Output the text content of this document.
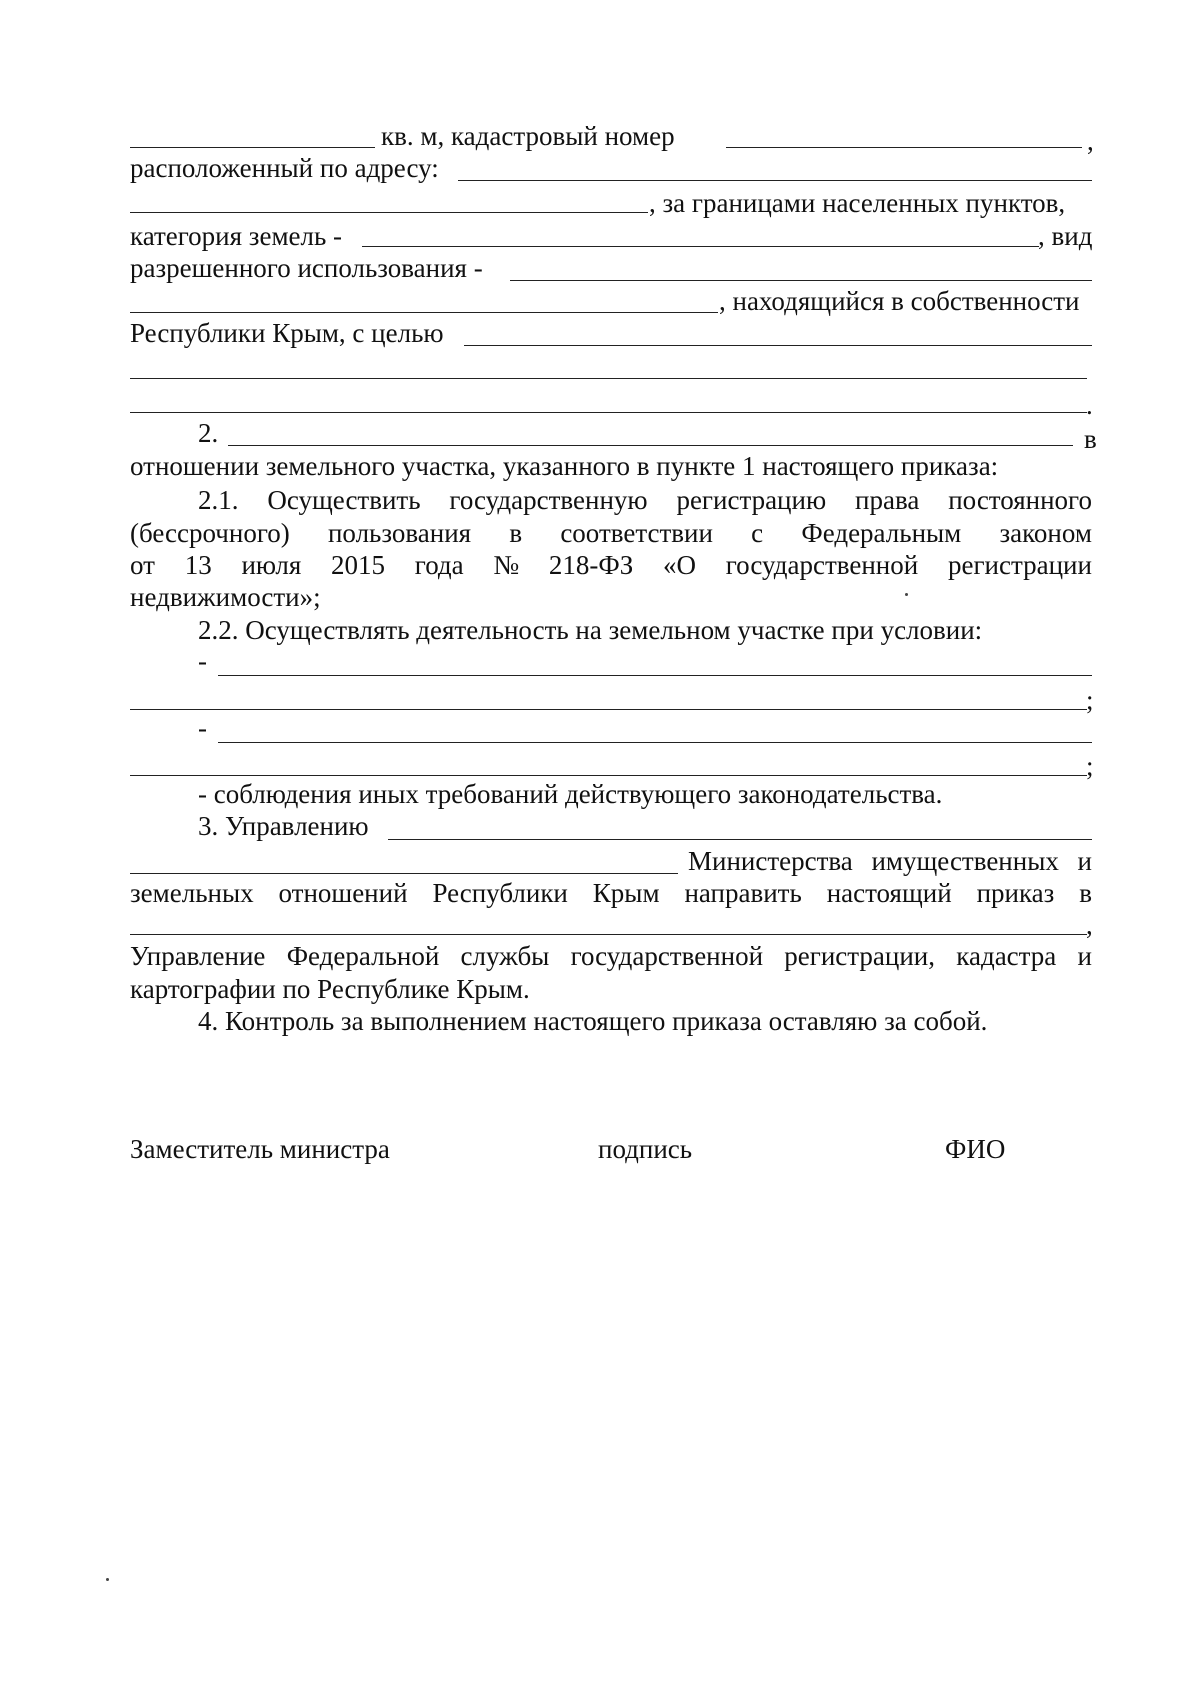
кв. м, кадастровый номер	,
расположенный по адресу:
, за границами населенных пунктов,
категория земель -	, вид
разрешенного использования -
, находящийся в собственности
Республики Крым, с целью
.
2.	в
отношении земельного участка, указанного в пункте 1 настоящего приказа:
2.1. Осуществить государственную регистрацию права постоянного
(бессрочного) пользования в соответствии с Федеральным законом
от 13 июля 2015 года № 218-ФЗ «О государственной регистрации
недвижимости»;
2.2. Осуществлять деятельность на земельном участке при условии:
-
;
-
;
- соблюдения иных требований действующего законодательства.
3. Управлению
Министерства имущественных и
земельных отношений Республики Крым направить настоящий приказ в
,
Управление Федеральной службы государственной регистрации, кадастра и
картографии по Республике Крым.
4. Контроль за выполнением настоящего приказа оставляю за собой.
Заместитель министра	подпись	ФИО
